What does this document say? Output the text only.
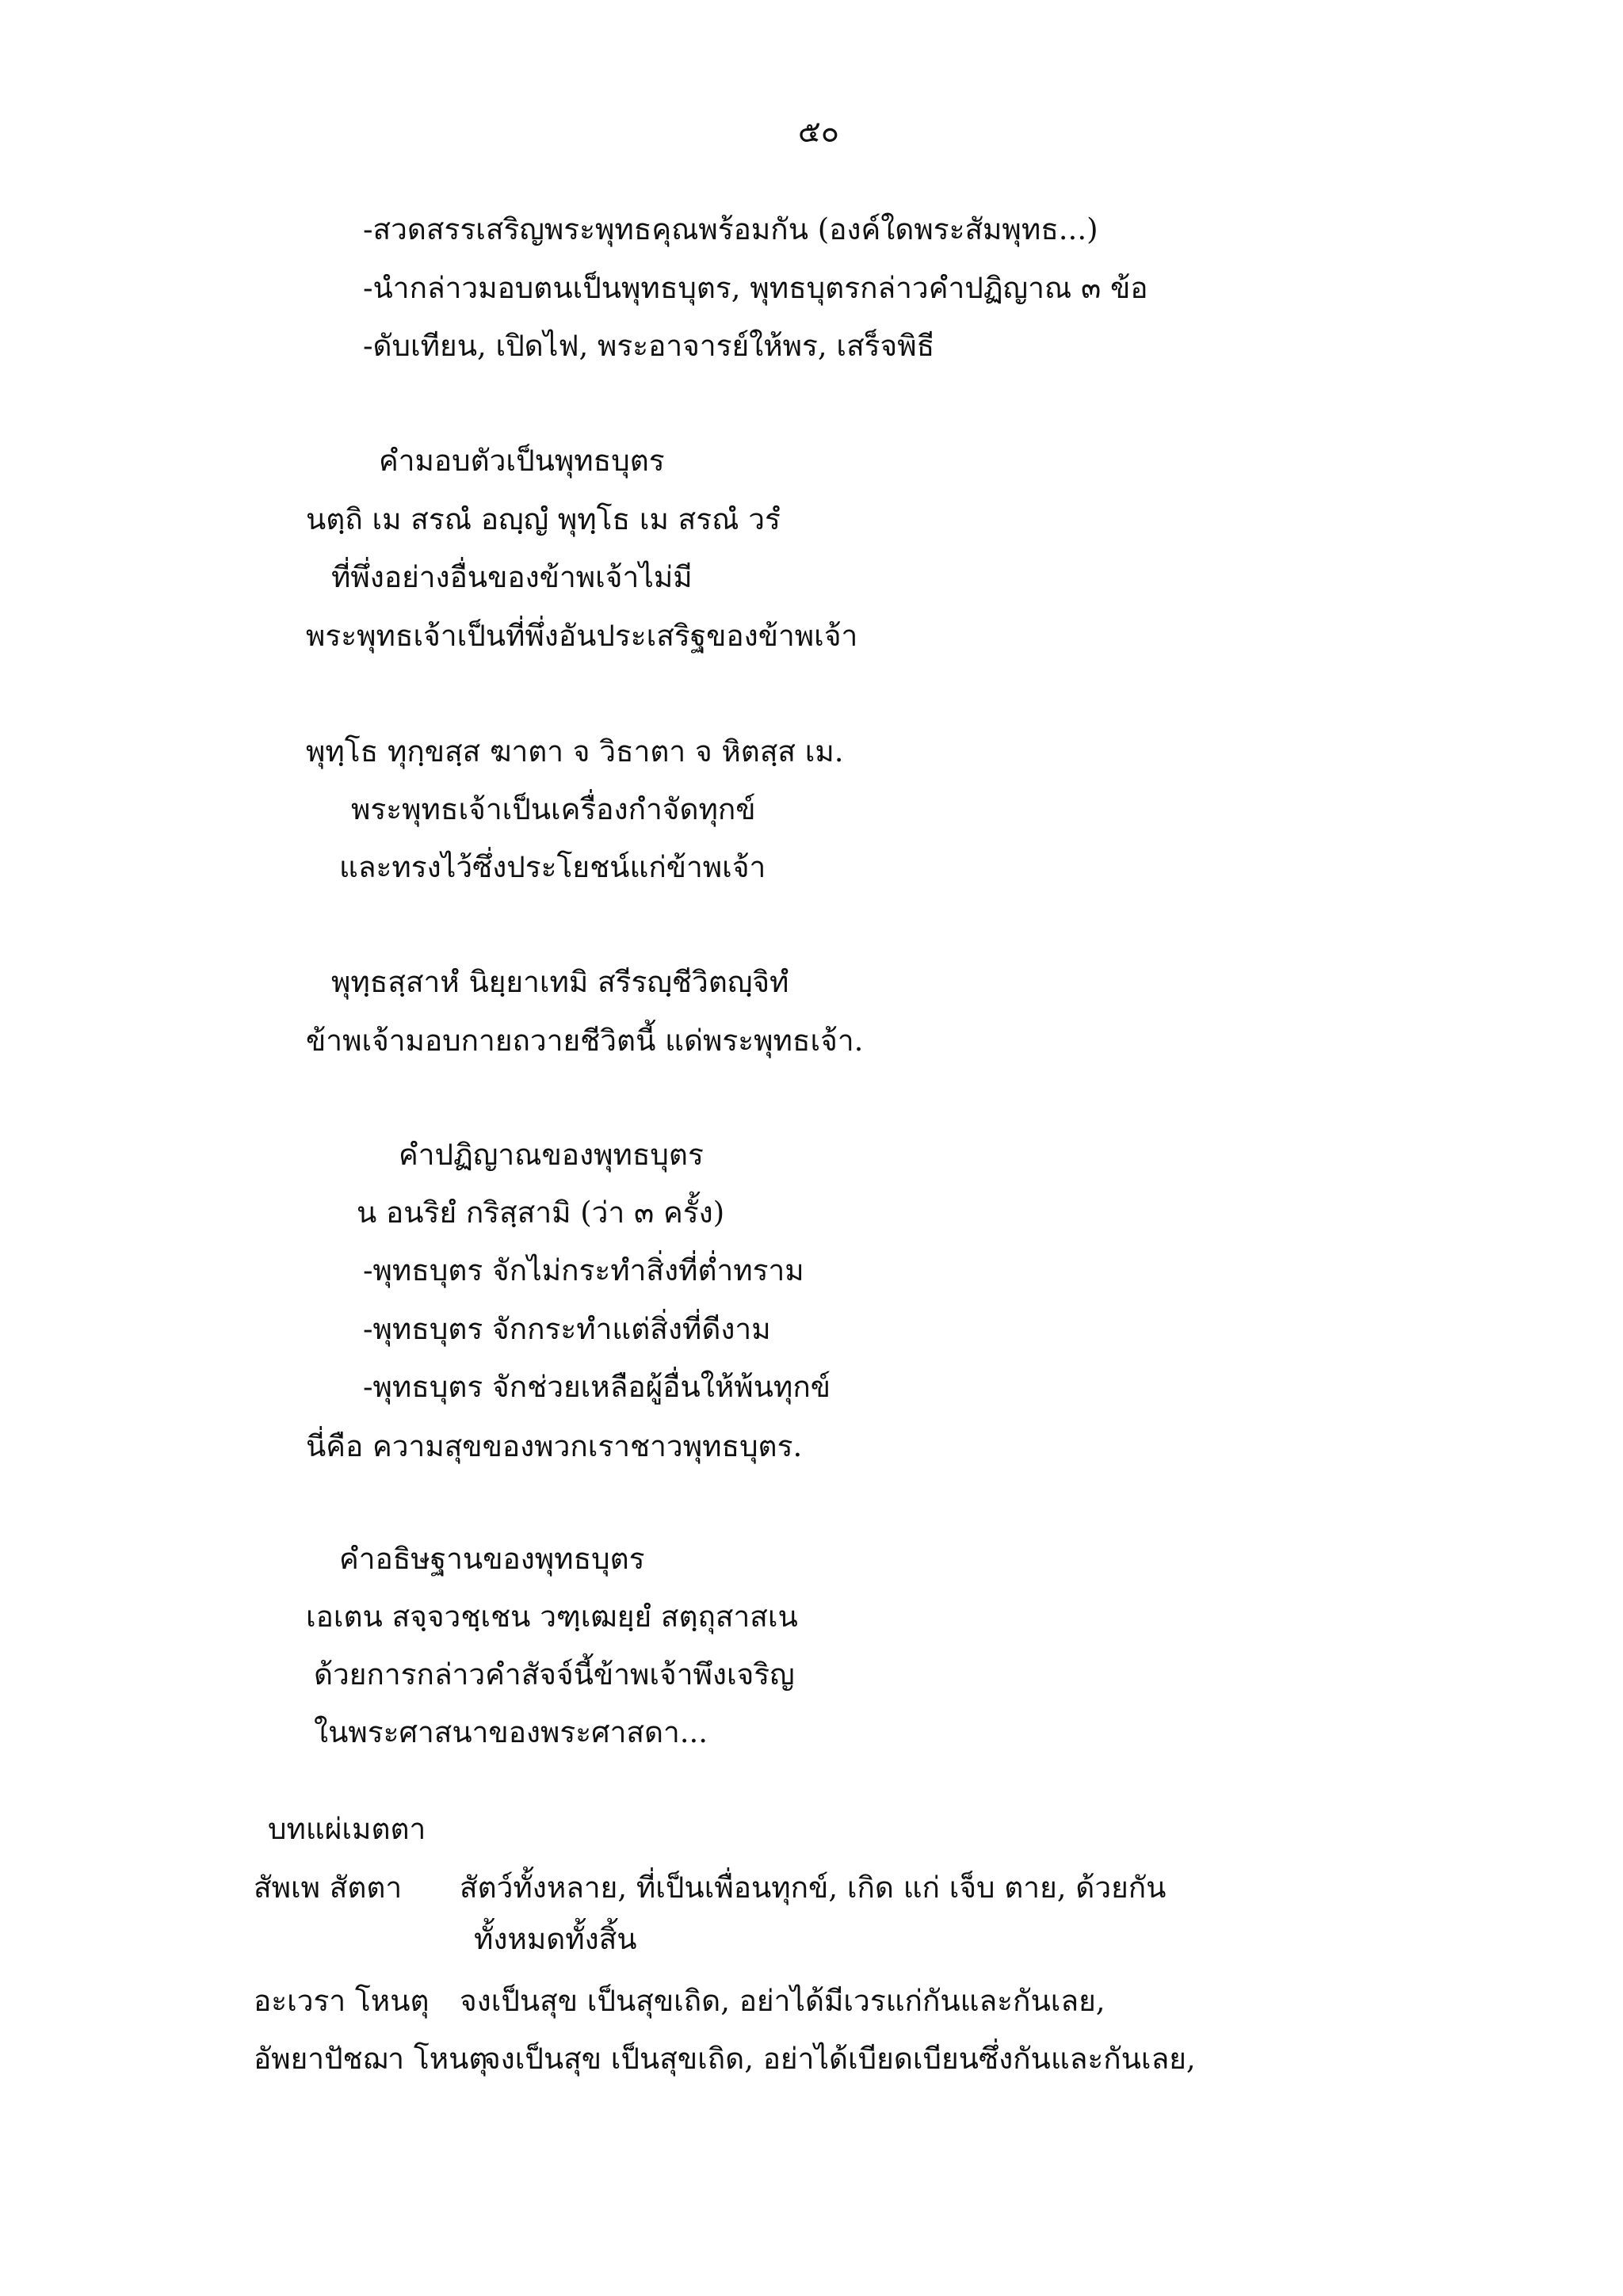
๕๐
-สวดสรรเสริญพระพุทธคุณพร้อมกัน (องค์ใดพระสัมพุทธ...)
-นำกล่าวมอบตนเป็นพุทธบุตร, พุทธบุตรกล่าวคำปฏิญาณ ๓ ข้อ
-ดับเทียน, เปิดไฟ, พระอาจารย์ให้พร, เสร็จพิธี
คำมอบตัวเป็นพุทธบุตร
นตฺถิ เม สรณํ อญฺญํ พุทฺโธ เม สรณํ วรํ
ที่พึ่งอย่างอื่นของข้าพเจ้าไม่มี
พระพุทธเจ้าเป็นที่พึ่งอันประเสริฐของข้าพเจ้า
พุทฺโธ ทุกฺขสฺส ฆาตา จ วิธาตา จ หิตสฺส เม.
พระพุทธเจ้าเป็นเครื่องกำจัดทุกข์
และทรงไว้ซึ่งประโยชน์แก่ข้าพเจ้า
พุทฺธสฺสาหํ นิยฺยาเทมิ สรีรญฺชีวิตญฺจิทํ
ข้าพเจ้ามอบกายถวายชีวิตนี้ แด่พระพุทธเจ้า.
คำปฏิญาณของพุทธบุตร
น อนริยํ กริสฺสามิ (ว่า ๓ ครั้ง)
-พุทธบุตร จักไม่กระทำสิ่งที่ต่ำทราม
-พุทธบุตร จักกระทำแต่สิ่งที่ดีงาม
-พุทธบุตร จักช่วยเหลือผู้อื่นให้พ้นทุกข์
นี่คือ ความสุขของพวกเราชาวพุทธบุตร.
คำอธิษฐานของพุทธบุตร
เอเตน สจฺจวชฺเชน วฑฺเฒยฺยํ สตฺถุสาสเน
ด้วยการกล่าวคำสัจจ์นี้ข้าพเจ้าพึงเจริญ
ในพระศาสนาของพระศาสดา...
บทแผ่เมตตา
สัพเพ สัตตา สัตว์ทั้งหลาย, ที่เป็นเพื่อนทุกข์, เกิด แก่ เจ็บ ตาย, ด้วยกัน
ทั้งหมดทั้งสิ้น
อะเวรา โหนตุ จงเป็นสุข เป็นสุขเถิด, อย่าได้มีเวรแก่กันและกันเลย,
อัพยาปัชฌา โหนตุ
จงเป็นสุข เป็นสุขเถิด, อย่าได้เบียดเบียนซึ่งกันและกันเลย,
